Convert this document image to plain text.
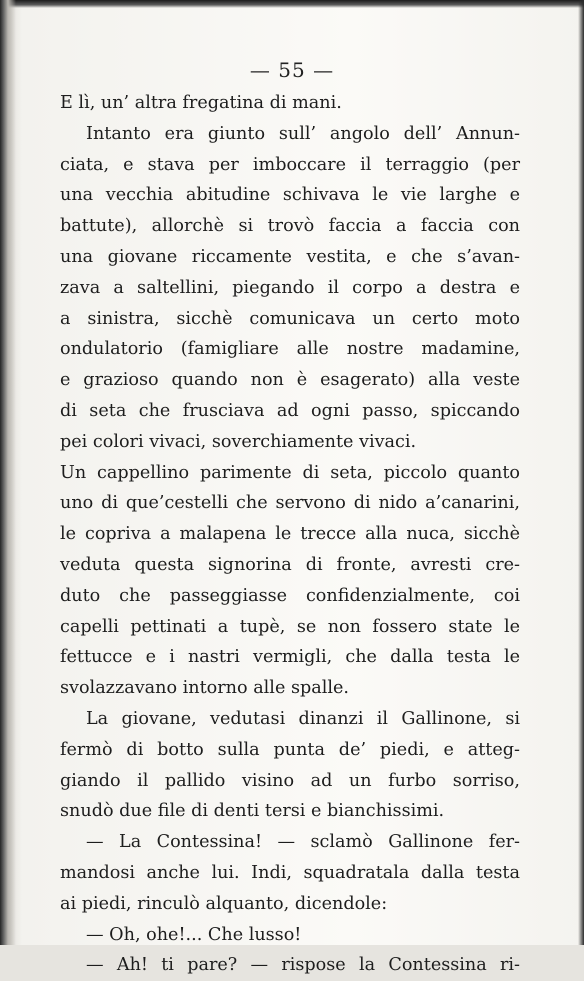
— 55 —
E lì, un’ altra fregatina di mani.
Intanto era giunto sull’ angolo dell’ Annun-
ciata, e stava per imboccare il terraggio (per
una vecchia abitudine schivava le vie larghe e
battute), allorchè si trovò faccia a faccia con
una giovane riccamente vestita, e che s’avan-
zava a saltellini, piegando il corpo a destra e
a sinistra, sicchè comunicava un certo moto
ondulatorio (famigliare alle nostre madamine,
e grazioso quando non è esagerato) alla veste
di seta che frusciava ad ogni passo, spiccando
pei colori vivaci, soverchiamente vivaci.
Un cappellino parimente di seta, piccolo quanto
uno di que’cestelli che servono di nido a’canarini,
le copriva a malapena le trecce alla nuca, sicchè
veduta questa signorina di fronte, avresti cre-
duto che passeggiasse confidenzialmente, coi
capelli pettinati a tupè, se non fossero state le
fettucce e i nastri vermigli, che dalla testa le
svolazzavano intorno alle spalle.
La giovane, vedutasi dinanzi il Gallinone, si
fermò di botto sulla punta de’ piedi, e atteg-
giando il pallido visino ad un furbo sorriso,
snudò due file di denti tersi e bianchissimi.
— La Contessina! — sclamò Gallinone fer-
mandosi anche lui. Indi, squadratala dalla testa
ai piedi, rinculò alquanto, dicendole:
— Oh, ohe!... Che lusso!
— Ah! ti pare? — rispose la Contessina ri-
